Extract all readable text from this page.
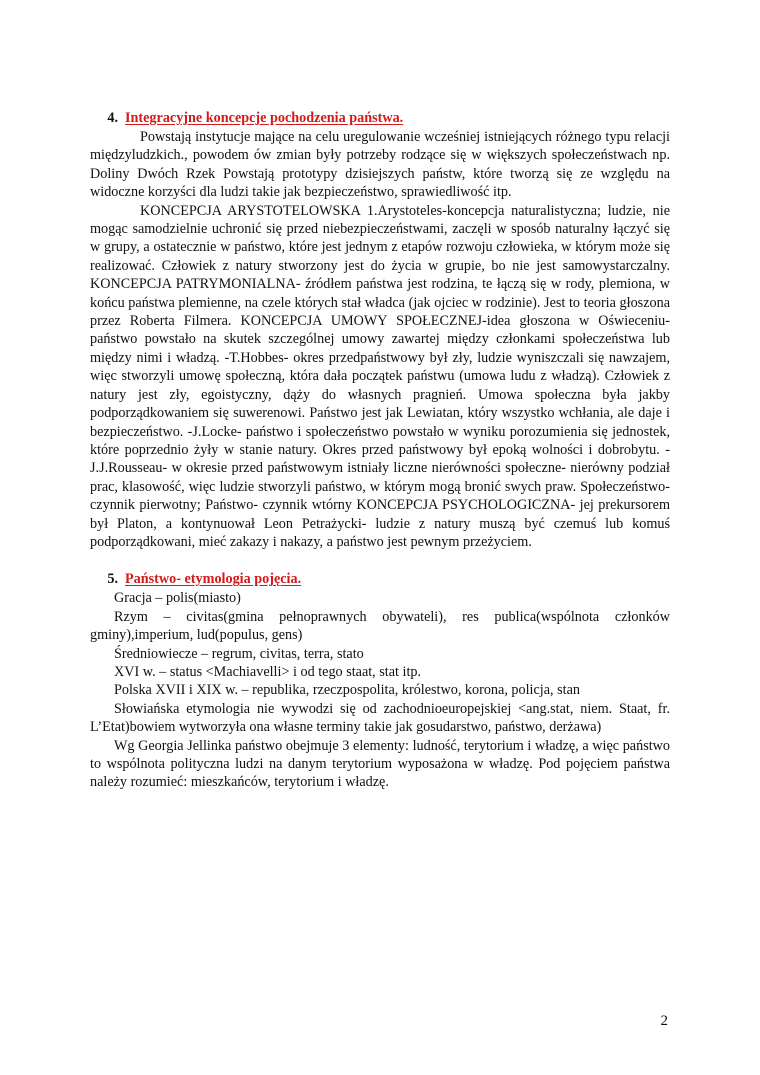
4. Integracyjne koncepcje pochodzenia państwa.

Powstają instytucje mające na celu uregulowanie wcześniej istniejących różnego typu relacji międzyludzkich., powodem ów zmian były potrzeby rodzące się w większych społeczeństwach np. Doliny Dwóch Rzek Powstają prototypy dzisiejszych państw, które tworzą się ze względu na widoczne korzyści dla ludzi takie jak bezpieczeństwo, sprawiedliwość itp.

KONCEPCJA ARYSTOTELOWSKA 1.Arystoteles-koncepcja naturalistyczna; ludzie, nie mogąc samodzielnie uchronić się przed niebezpieczeństwami, zaczęli w sposób naturalny łączyć się w grupy, a ostatecznie w państwo, które jest jednym z etapów rozwoju człowieka, w którym może się realizować. Człowiek z natury stworzony jest do życia w grupie, bo nie jest samowystarczalny. KONCEPCJA PATRYMONIALNA- źródłem państwa jest rodzina, te łączą się w rody, plemiona, w końcu państwa plemienne, na czele których stał władca (jak ojciec w rodzinie). Jest to teoria głoszona przez Roberta Filmera. KONCEPCJA UMOWY SPOŁECZNEJ-idea głoszona w Oświeceniu- państwo powstało na skutek szczególnej umowy zawartej między członkami społeczeństwa lub między nimi i władzą. -T.Hobbes- okres przedpaństwowy był zły, ludzie wyniszczali się nawzajem, więc stworzyli umowę społeczną, która dała początek państwu (umowa ludu z władzą). Człowiek z natury jest zły, egoistyczny, dąży do własnych pragnień. Umowa społeczna była jakby podporządkowaniem się suwerenowi. Państwo jest jak Lewiatan, który wszystko wchłania, ale daje i bezpieczeństwo. -J.Locke- państwo i społeczeństwo powstało w wyniku porozumienia się jednostek, które poprzednio żyły w stanie natury. Okres przed państwowy był epoką wolności i dobrobytu. -J.J.Rousseau- w okresie przed państwowym istniały liczne nierówności społeczne- nierówny podział prac, klasowość, więc ludzie stworzyli państwo, w którym mogą bronić swych praw. Społeczeństwo- czynnik pierwotny; Państwo- czynnik wtórny KONCEPCJA PSYCHOLOGICZNA- jej prekursorem był Platon, a kontynuował Leon Petrażycki- ludzie z natury muszą być czemuś lub komuś podporządkowani, mieć zakazy i nakazy, a państwo jest pewnym przeżyciem.

5. Państwo- etymologia pojęcia.

Gracja – polis(miasto)

Rzym – civitas(gmina pełnoprawnych obywateli), res publica(wspólnota członków gminy),imperium, lud(populus, gens)

Średniowiecze – regrum, civitas, terra, stato

XVI w. – status <Machiavelli> i od tego staat, stat itp.

Polska XVII i XIX w. – republika, rzeczpospolita, królestwo, korona, policja, stan

Słowiańska etymologia nie wywodzi się od zachodnioeuropejskiej <ang.stat, niem. Staat, fr. L’Etat)bowiem wytworzyła ona własne terminy takie jak gosudarstwo, państwo, derżawa)

Wg Georgia Jellinka państwo obejmuje 3 elementy: ludność, terytorium i władzę, a więc państwo to wspólnota polityczna ludzi na danym terytorium wyposażona w władzę. Pod pojęciem państwa należy rozumieć: mieszkańców, terytorium i władzę.

2
